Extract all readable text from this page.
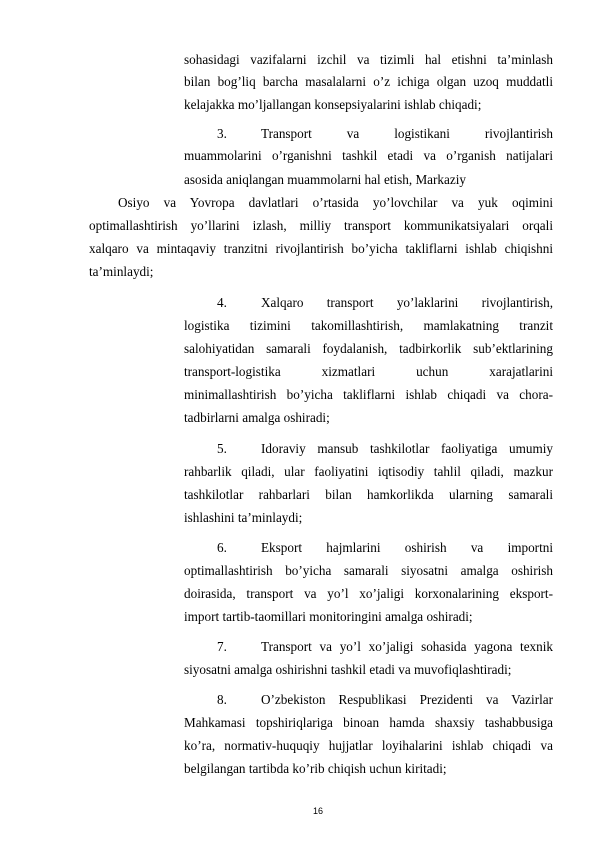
sohasidagi vazifalarni izchil va tizimli hal etishni ta’minlash
bilan bog’liq barcha masalalarni o’z ichiga olgan uzoq muddatli
kelajakka mo’ljallangan konsepsiyalarini ishlab chiqadi;
3.	Transport va logistikani rivojlantirish
muammolarini o’rganishni tashkil etadi va o’rganish natijalari
asosida aniqlangan muammolarni hal etish, Markaziy
Osiyo va Yovropa davlatlari o’rtasida yo’lovchilar va yuk oqimini
optimallashtirish yo’llarini izlash, milliy transport kommunikatsiyalari orqali
xalqaro va mintaqaviy tranzitni rivojlantirish bo’yicha takliflarni ishlab chiqishni
ta’minlaydi;
4.	Xalqaro transport yo’laklarini rivojlantirish,
logistika tizimini takomillashtirish, mamlakatning tranzit
salohiyatidan samarali foydalanish, tadbirkorlik sub’ektlarining
transport-logistika xizmatlari uchun xarajatlarini
minimallashtirish bo’yicha takliflarni ishlab chiqadi va chora-
tadbirlarni amalga oshiradi;
5.	Idoraviy mansub tashkilotlar faoliyatiga umumiy
rahbarlik qiladi, ular faoliyatini iqtisodiy tahlil qiladi, mazkur
tashkilotlar rahbarlari bilan hamkorlikda ularning samarali
ishlashini ta’minlaydi;
6.	Eksport hajmlarini oshirish va importni
optimallashtirish bo’yicha samarali siyosatni amalga oshirish
doirasida, transport va yo’l xo’jaligi korxonalarining eksport-
import tartib-taomillari monitoringini amalga oshiradi;
7.	Transport va yo’l xo’jaligi sohasida yagona texnik
siyosatni amalga oshirishni tashkil etadi va muvofiqlashtiradi;
8.	O’zbekiston Respublikasi Prezidenti va Vazirlar
Mahkamasi topshiriqlariga binoan hamda shaxsiy tashabbusiga
ko’ra, normativ-huquqiy hujjatlar loyihalarini ishlab chiqadi va
belgilangan tartibda ko’rib chiqish uchun kiritadi;
16
